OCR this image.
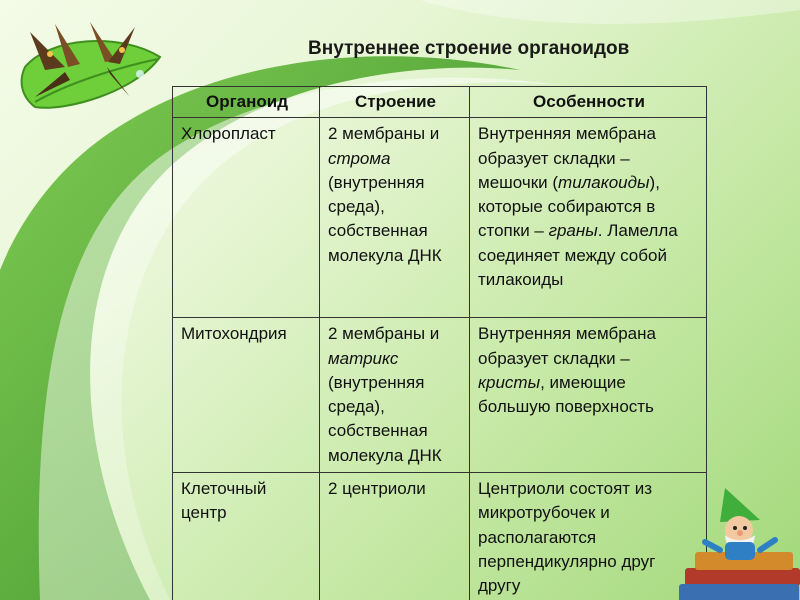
Внутреннее строение органоидов
Органоид	Строение	Особенности
Хлоропласт	2 мембраны и строма (внутренняя среда), собственная молекула ДНК	Внутренняя мембрана образует складки – мешочки (тилакоиды), которые собираются в стопки – граны. Ламелла соединяет между собой тилакоиды
Митохондрия	2 мембраны и матрикс (внутренняя среда), собственная молекула ДНК	Внутренняя мембрана образует складки – кристы, имеющие большую поверхность
Клеточный центр	2 центриоли	Центриоли состоят из микротрубочек и располагаются перпендикулярно друг другу
